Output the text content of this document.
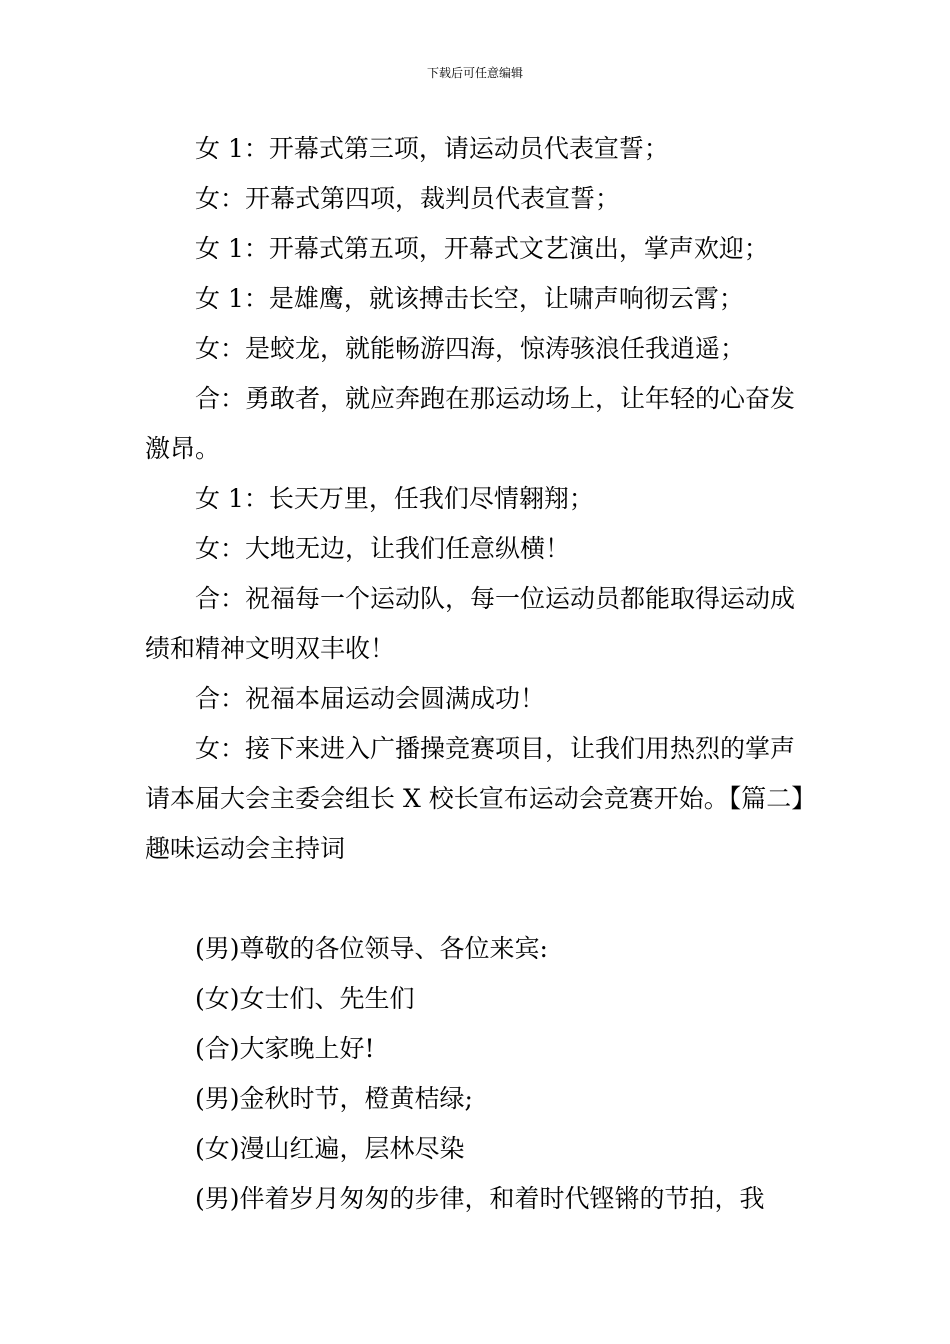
下载后可任意编辑

女 1：开幕式第三项，请运动员代表宣誓；

女：开幕式第四项，裁判员代表宣誓；

女 1：开幕式第五项，开幕式文艺演出，掌声欢迎；

女 1：是雄鹰，就该搏击长空，让啸声响彻云霄；

女：是蛟龙，就能畅游四海，惊涛骇浪任我逍遥；

合：勇敢者，就应奔跑在那运动场上，让年轻的心奋发激昂。

女 1：长天万里，任我们尽情翱翔；

女：大地无边，让我们任意纵横！

合：祝福每一个运动队，每一位运动员都能取得运动成绩和精神文明双丰收！

合：祝福本届运动会圆满成功！

女：接下来进入广播操竞赛项目，让我们用热烈的掌声请本届大会主委会组长 X 校长宣布运动会竞赛开始。【篇二】趣味运动会主持词

(男)尊敬的各位领导、各位来宾:

(女)女士们、先生们

(合)大家晚上好!

(男)金秋时节，橙黄桔绿;

(女)漫山红遍，层林尽染

(男)伴着岁月匆匆的步律，和着时代铿锵的节拍，我
